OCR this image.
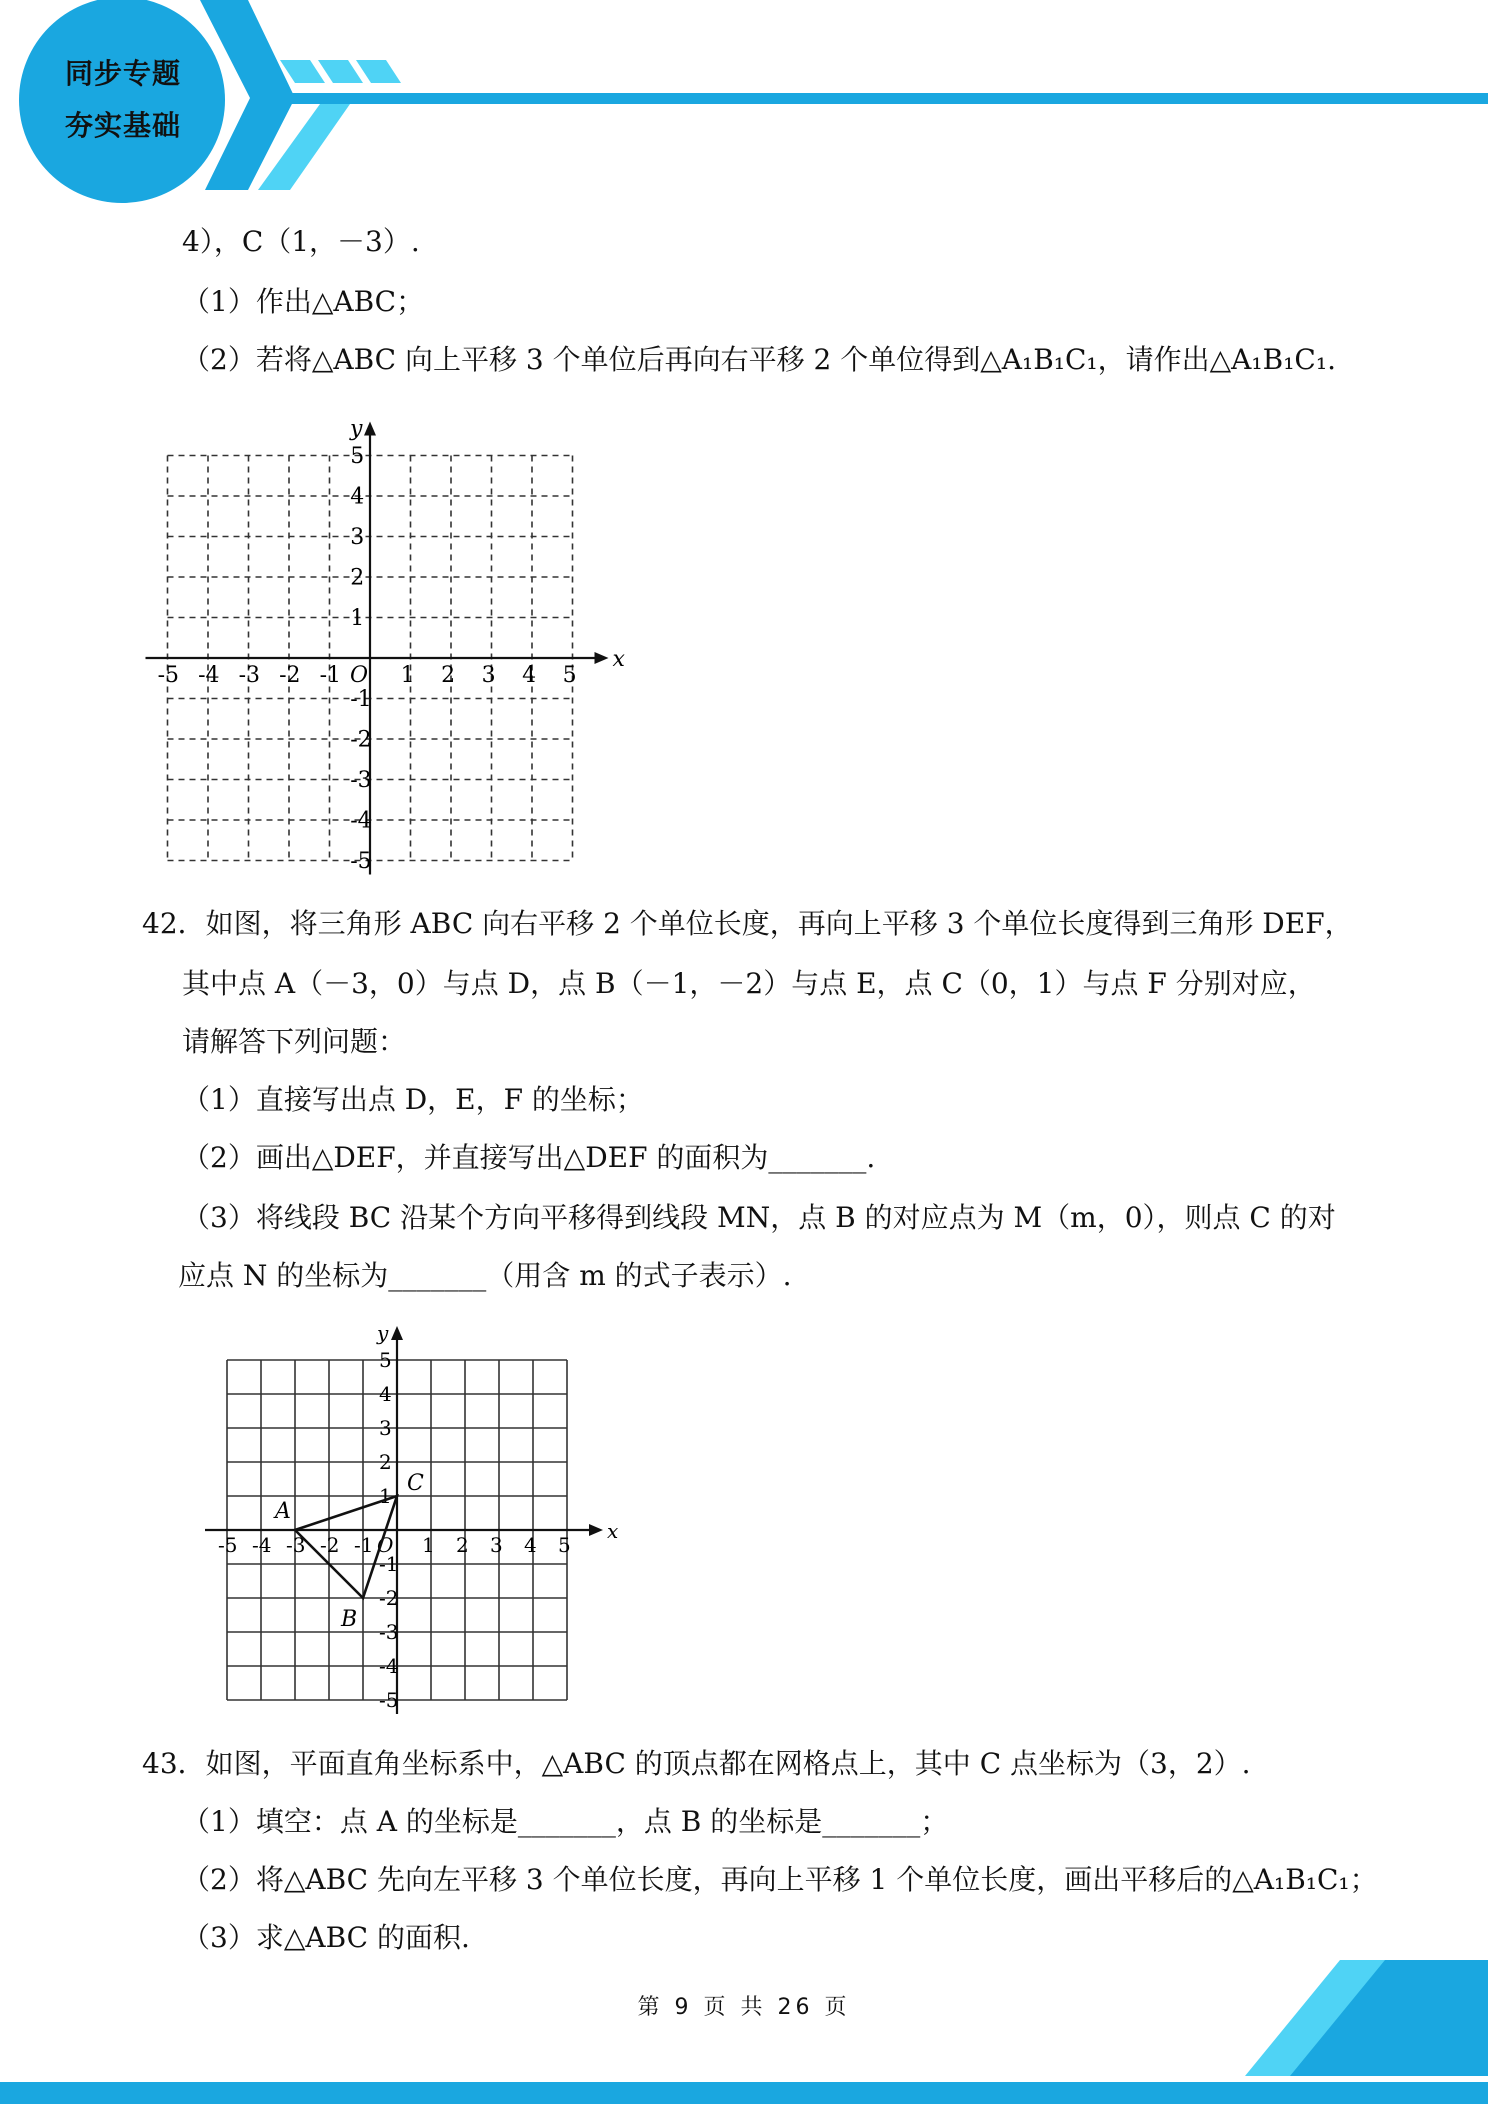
同步专题
夯实基础
4），C（1，－3）.
（1）作出△ABC；
（2）若将△ABC 向上平移 3 个单位后再向右平移 2 个单位得到△A₁B₁C₁，请作出△A₁B₁C₁.
x
y
O
-5 -4 -3 -2 -1	1 2 3 4 5
5
4
3
2
1
-1
-2
-3
-4
-5
42．如图，将三角形 ABC 向右平移 2 个单位长度，再向上平移 3 个单位长度得到三角形 DEF，
其中点 A（－3，0）与点 D，点 B（－1，－2）与点 E，点 C（0，1）与点 F 分别对应，
请解答下列问题：
（1）直接写出点 D，E，F 的坐标；
（2）画出△DEF，并直接写出△DEF 的面积为_______.
（3）将线段 BC 沿某个方向平移得到线段 MN，点 B 的对应点为 M（m，0），则点 C 的对
应点 N 的坐标为_______（用含 m 的式子表示）.
x
y
O
-5 -4 -3 -2 -1 1 2 3 4 5
5
4
3
2
1
-1
-2
-3
-4
-5
A
B
C
43．如图，平面直角坐标系中，△ABC 的顶点都在网格点上，其中 C 点坐标为（3，2）.
（1）填空：点 A 的坐标是_______，点 B 的坐标是_______；
（2）将△ABC 先向左平移 3 个单位长度，再向上平移 1 个单位长度，画出平移后的△A₁B₁C₁；
（3）求△ABC 的面积.
第 9 页 共 26 页
